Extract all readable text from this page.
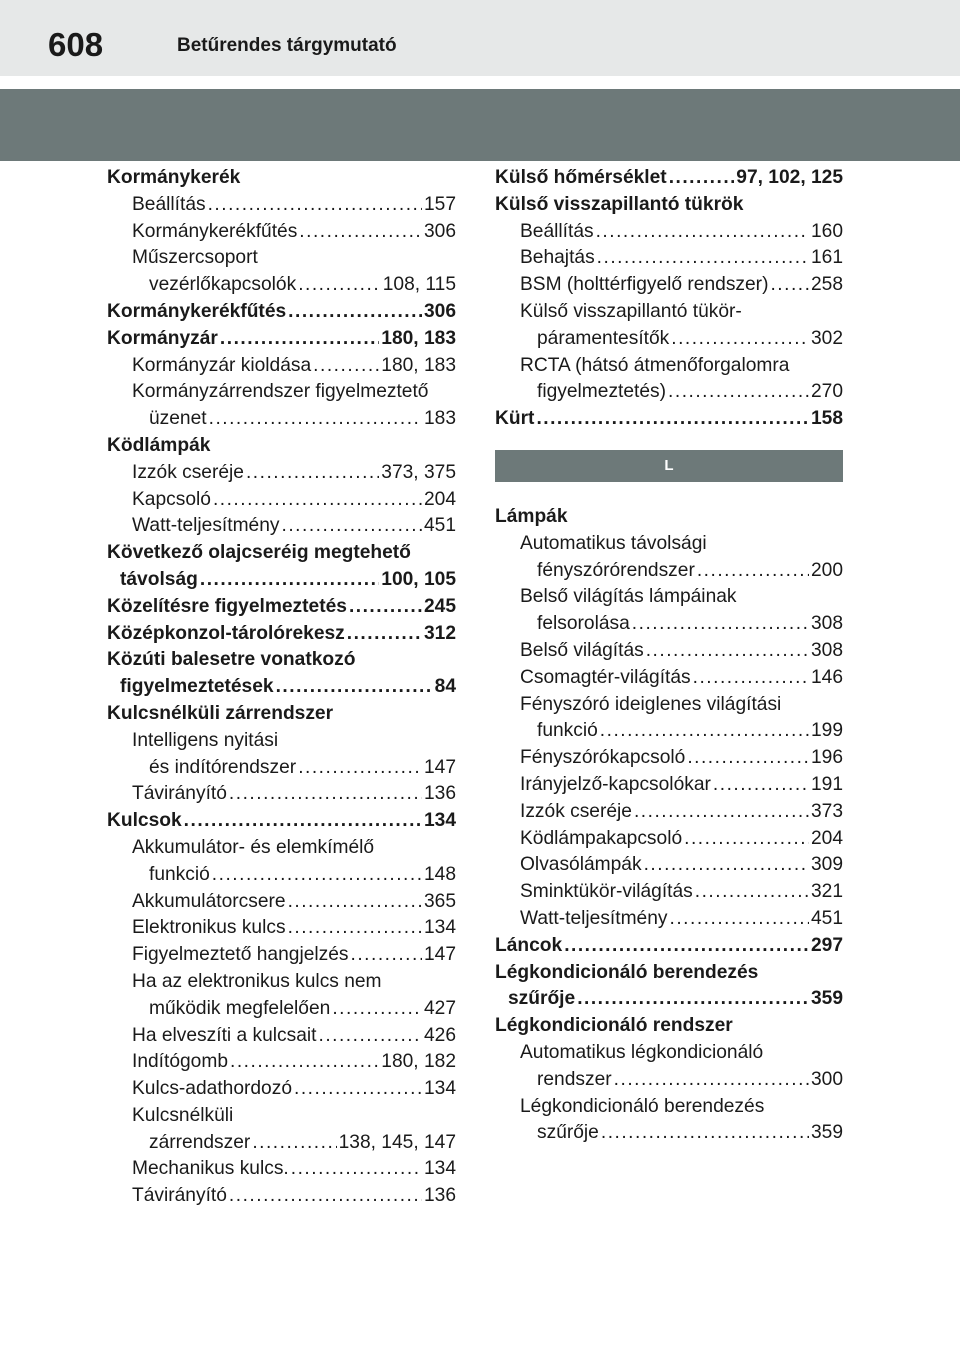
608	Betűrendes tárgymutató
Kormánykerék
Beállítás .....	157
Kormánykerékfűtés .....	306
Műszercsoport
vezérlőkapcsolók .....	108, 115
Kormánykerékfűtés .....	306
Kormányzár .....	180, 183
Kormányzár kioldása .....	180, 183
Kormányzárrendszer figyelmeztető
üzenet .....	183
Ködlámpák
Izzók cseréje .....	373, 375
Kapcsoló .....	204
Watt-teljesítmény .....	451
Következő olajcseréig megtehető
távolság .....	100, 105
Közelítésre figyelmeztetés .....	245
Középkonzol-tárolórekesz .....	312
Közúti balesetre vonatkozó
figyelmeztetések .....	84
Kulcsnélküli zárrendszer
Intelligens nyitási
és indítórendszer .....	147
Távirányító .....	136
Kulcsok .....	134
Akkumulátor- és elemkímélő
funkció .....	148
Akkumulátorcsere .....	365
Elektronikus kulcs .....	134
Figyelmeztető hangjelzés .....	147
Ha az elektronikus kulcs nem
működik megfelelően .....	427
Ha elveszíti a kulcsait .....	426
Indítógomb .....	180, 182
Kulcs-adathordozó .....	134
Kulcsnélküli
zárrendszer .....	138, 145, 147
Mechanikus kulcs. .....	134
Távirányító .....	136
Külső hőmérséklet .....	97, 102, 125
Külső visszapillantó tükrök
Beállítás .....	160
Behajtás .....	161
BSM (holttérfigyelő rendszer) ..... 258
Külső visszapillantó tükör-
páramentesítők .....	302
RCTA (hátsó átmenőforgalomra
figyelmeztetés) .....	270
Kürt .....	158
L
Lámpák
Automatikus távolsági
fényszórórendszer .....	200
Belső világítás lámpáinak
felsorolása .....	308
Belső világítás .....	308
Csomagtér-világítás .....	146
Fényszóró ideiglenes világítási
funkció .....	199
Fényszórókapcsoló .....	196
Irányjelző-kapcsolókar .....	191
Izzók cseréje .....	373
Ködlámpakapcsoló .....	204
Olvasólámpák .....	309
Sminktükör-világítás .....	321
Watt-teljesítmény .....	451
Láncok .....	297
Légkondicionáló berendezés
szűrője .....	359
Légkondicionáló rendszer
Automatikus légkondicionáló
rendszer .....	300
Légkondicionáló berendezés
szűrője .....	359
